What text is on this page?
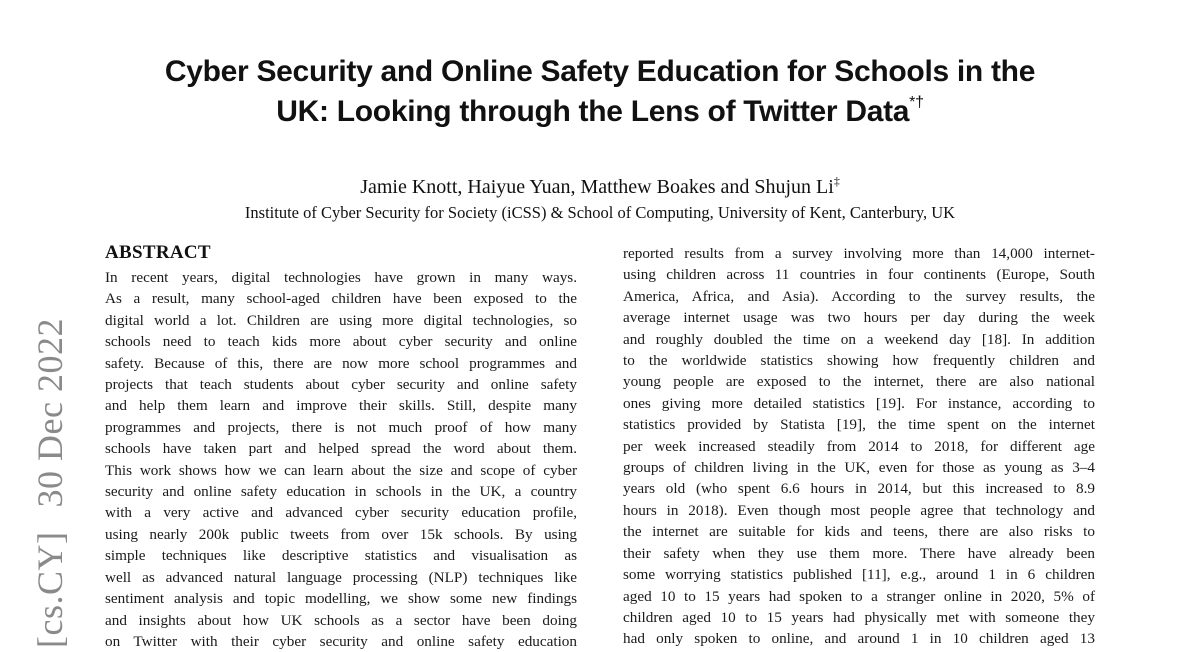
Cyber Security and Online Safety Education for Schools in the
UK: Looking through the Lens of Twitter Data*†
Jamie Knott, Haiyue Yuan, Matthew Boakes and Shujun Li‡
Institute of Cyber Security for Society (iCSS) & School of Computing, University of Kent, Canterbury, UK
[cs.CY]30 Dec 2022
ABSTRACT
In recent years, digital technologies have grown in many ways.
As a result, many school-aged children have been exposed to the
digital world a lot. Children are using more digital technologies, so
schools need to teach kids more about cyber security and online
safety. Because of this, there are now more school programmes and
projects that teach students about cyber security and online safety
and help them learn and improve their skills. Still, despite many
programmes and projects, there is not much proof of how many
schools have taken part and helped spread the word about them.
This work shows how we can learn about the size and scope of cyber
security and online safety education in schools in the UK, a country
with a very active and advanced cyber security education profile,
using nearly 200k public tweets from over 15k schools. By using
simple techniques like descriptive statistics and visualisation as
well as advanced natural language processing (NLP) techniques like
sentiment analysis and topic modelling, we show some new findings
and insights about how UK schools as a sector have been doing
on Twitter with their cyber security and online safety education
reported results from a survey involving more than 14,000 internet-
using children across 11 countries in four continents (Europe, South
America, Africa, and Asia). According to the survey results, the
average internet usage was two hours per day during the week
and roughly doubled the time on a weekend day [18]. In addition
to the worldwide statistics showing how frequently children and
young people are exposed to the internet, there are also national
ones giving more detailed statistics [19]. For instance, according to
statistics provided by Statista [19], the time spent on the internet
per week increased steadily from 2014 to 2018, for different age
groups of children living in the UK, even for those as young as 3–4
years old (who spent 6.6 hours in 2014, but this increased to 8.9
hours in 2018). Even though most people agree that technology and
the internet are suitable for kids and teens, there are also risks to
their safety when they use them more. There have already been
some worrying statistics published [11], e.g., around 1 in 6 children
aged 10 to 15 years had spoken to a stranger online in 2020, 5% of
children aged 10 to 15 years had physically met with someone they
had only spoken to online, and around 1 in 10 children aged 13
